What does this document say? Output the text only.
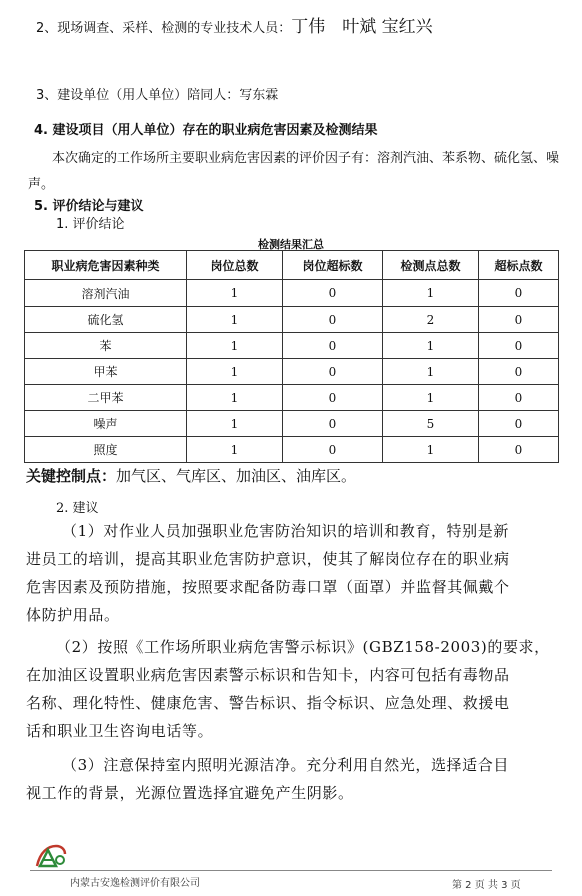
2、现场调查、采样、检测的专业技术人员：丁伟　叶斌 宝红兴
3、建设单位（用人单位）陪同人：写东霖
4. 建设项目（用人单位）存在的职业病危害因素及检测结果
本次确定的工作场所主要职业病危害因素的评价因子有：溶剂汽油、苯系物、硫化氢、噪
声。
5. 评价结论与建议
1. 评价结论
检测结果汇总
职业病危害因素种类	岗位总数	岗位超标数	检测点总数	超标点数
溶剂汽油	1	0	1	0
硫化氢	1	0	2	0
苯	1	0	1	0
甲苯	1	0	1	0
二甲苯	1	0	1	0
噪声	1	0	5	0
照度	1	0	1	0
关键控制点：加气区、气库区、加油区、油库区。
2. 建议

（1）对作业人员加强职业危害防治知识的培训和教育，特别是新

进员工的培训，提高其职业危害防护意识，使其了解岗位存在的职业病

危害因素及预防措施，按照要求配备防毒口罩（面罩）并监督其佩戴个

体防护用品。

（2）按照《工作场所职业病危害警示标识》(GBZ158-2003)的要求，

在加油区设置职业病危害因素警示标识和告知卡，内容可包括有毒物品

名称、理化特性、健康危害、警告标识、指令标识、应急处理、救援电

话和职业卫生咨询电话等。

（3）注意保持室内照明光源洁净。充分利用自然光，选择适合目

视工作的背景，光源位置选择宜避免产生阴影。

内蒙古安逸检测评价有限公司	第 2 页 共 3 页
